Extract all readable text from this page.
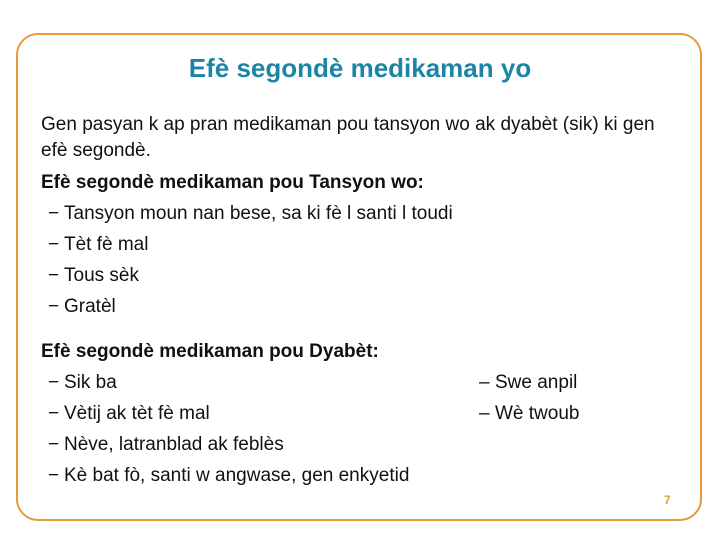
Efè segondè medikaman yo
Gen pasyan k ap pran medikaman pou tansyon wo ak dyabèt (sik) ki gen efè segondè.
Efè segondè medikaman pou Tansyon wo:
− Tansyon moun nan bese, sa ki fè l santi l toudi
− Tèt fè mal
− Tous sèk
− Gratèl
Efè segondè medikaman pou Dyabèt:
− Sik ba
− Vètij ak tèt fè mal
− Nève, latranblad ak feblès
− Kè bat fò, santi w angwase, gen enkyetid
– Swe anpil
– Wè twoub
7
